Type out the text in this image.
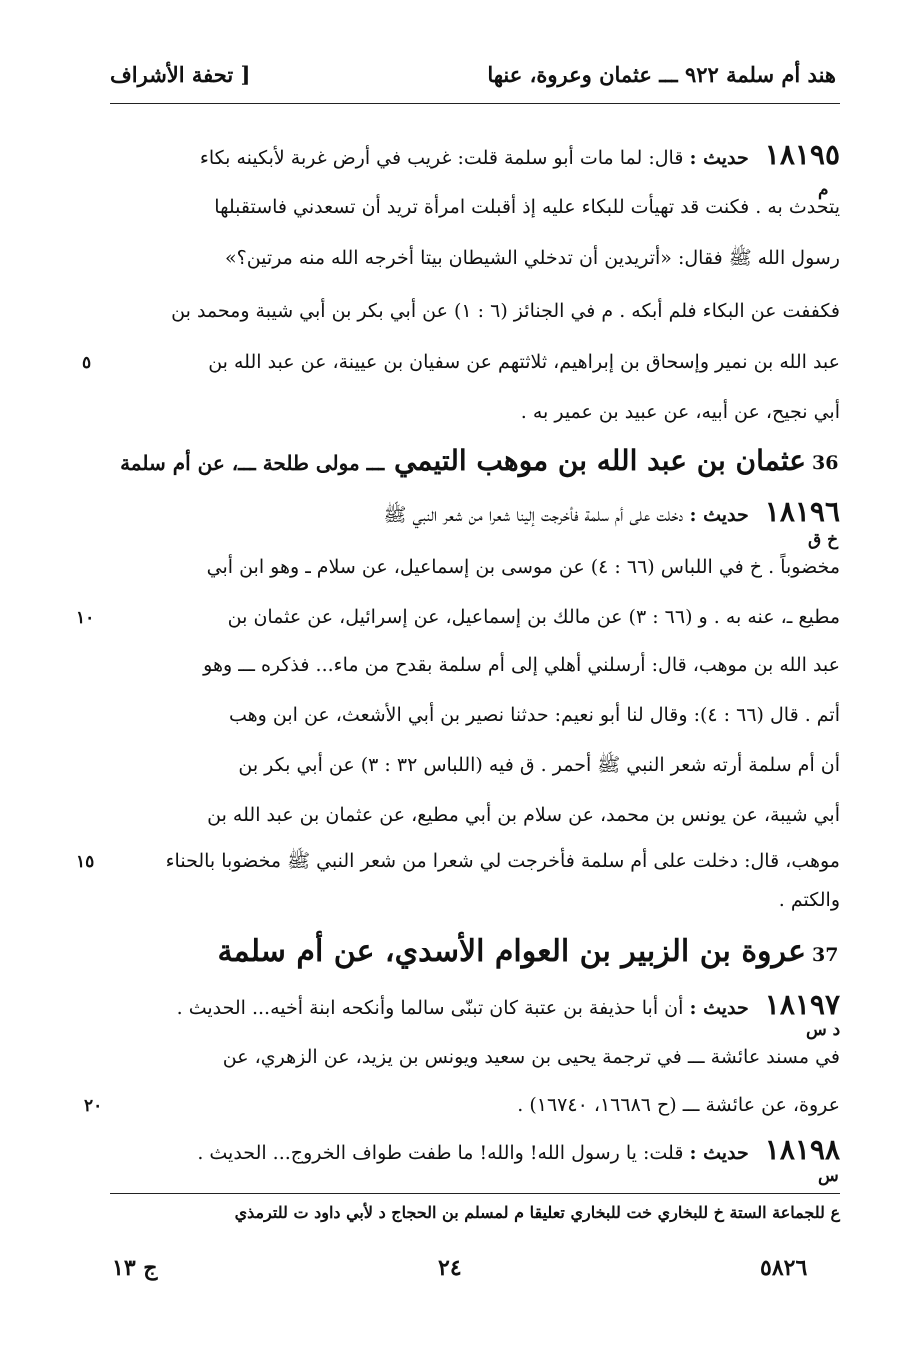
هند أم سلمة ٩٢٢ ـــ عثمان وعروة، عنها
[ تحفة الأشراف
١٨١٩٥ حديث : قال: لما مات أبو سلمة قلت: غريب في أرض غربة لأبكينه بكاء
م
يتحدث به . فكنت قد تهيأت للبكاء عليه إذ أقبلت امرأة تريد أن تسعدني فاستقبلها
رسول الله ﷺ فقال: «أتريدين أن تدخلي الشيطان بيتا أخرجه الله منه مرتين؟»
فكففت عن البكاء فلم أبكه . م في الجنائز (٦ : ١) عن أبي بكر بن أبي شيبة ومحمد بن
عبد الله بن نمير وإسحاق بن إبراهيم، ثلاثتهم عن سفيان بن عيينة، عن عبد الله بن
٥
أبي نجيح، عن أبيه، عن عبيد بن عمير به .
36
عثمان بن عبد الله بن موهب التيمي ـــ مولى طلحة ـــ، عن أم سلمة
١٨١٩٦ حديث : دخلت على أم سلمة فأخرجت إلينا شعرا من شعر النبي ﷺ
خ ق
مخضوباً . خ في اللباس (٦٦ : ٤) عن موسى بن إسماعيل، عن سلام ـ وهو ابن أبي
مطيع ـ، عنه به . و (٦٦ : ٣) عن مالك بن إسماعيل، عن إسرائيل، عن عثمان بن
١٠
عبد الله بن موهب، قال: أرسلني أهلي إلى أم سلمة بقدح من ماء... فذكره ـــ وهو
أتم . قال (٦٦ : ٤): وقال لنا أبو نعيم: حدثنا نصير بن أبي الأشعث، عن ابن وهب
أن أم سلمة أرته شعر النبي ﷺ أحمر . ق فيه (اللباس ٣٢ : ٣) عن أبي بكر بن
أبي شيبة، عن يونس بن محمد، عن سلام بن أبي مطيع، عن عثمان بن عبد الله بن
موهب، قال: دخلت على أم سلمة فأخرجت لي شعرا من شعر النبي ﷺ مخضوبا بالحناء
١٥
والكتم .
37
عروة بن الزبير بن العوام الأسدي، عن أم سلمة
١٨١٩٧ حديث : أن أبا حذيفة بن عتبة كان تبنّى سالما وأنكحه ابنة أخيه... الحديث .
د س
في مسند عائشة ـــ في ترجمة يحيى بن سعيد ويونس بن يزيد، عن الزهري، عن
عروة، عن عائشة ـــ (ح ١٦٦٨٦، ١٦٧٤٠) .
٢٠
١٨١٩٨ حديث : قلت: يا رسول الله! والله! ما طفت طواف الخروج... الحديث .
س
ع للجماعة الستة خ للبخاري خت للبخاري تعليقا م لمسلم بن الحجاج د لأبي داود ت للترمذي
٢٤	٥٨٢٦
ج ١٣
